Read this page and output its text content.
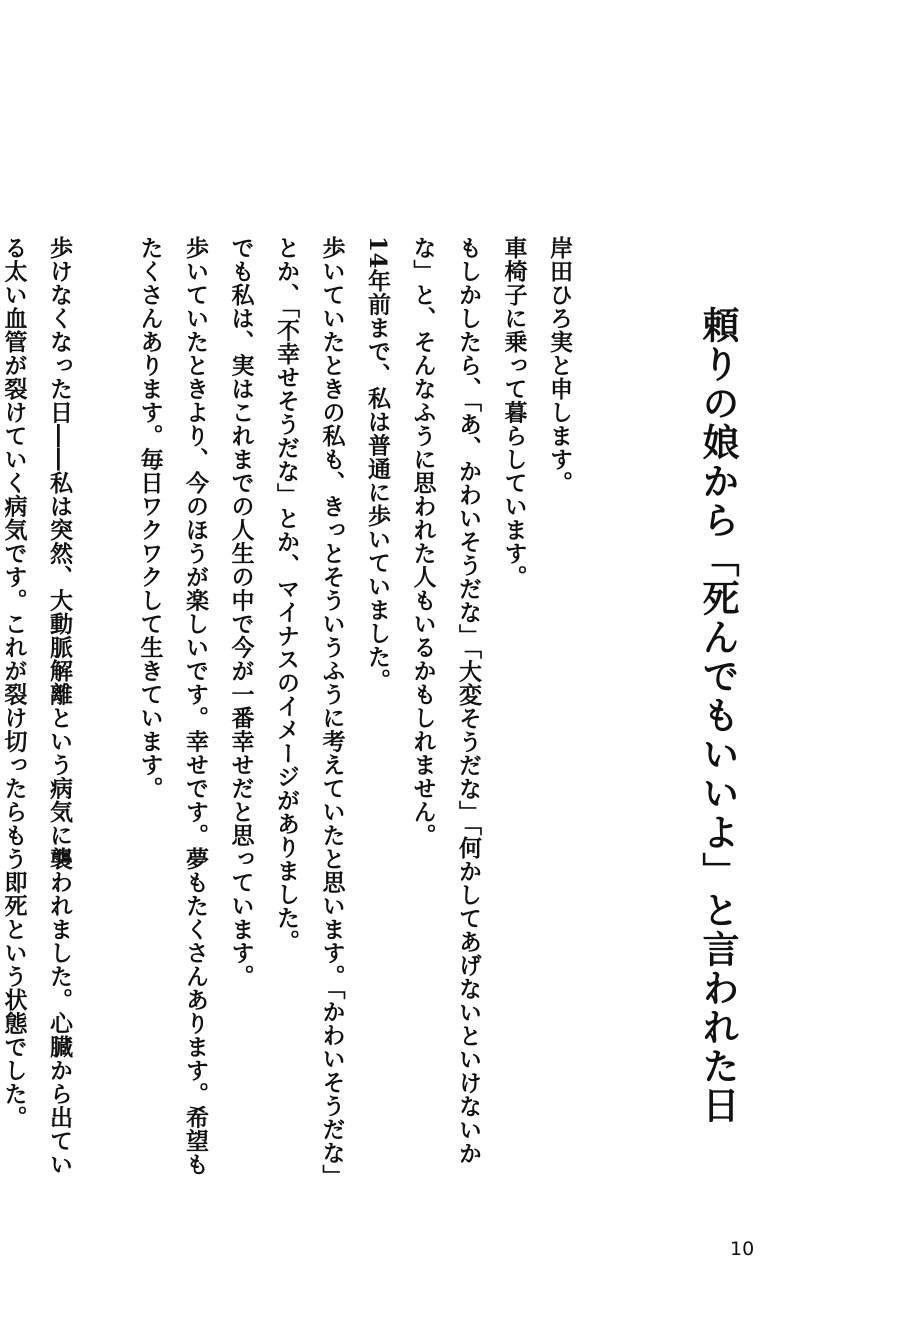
頼りの娘から「死んでもいいよ」と言われた日

岸田ひろ実と申します。

車椅子に乗って暮らしています。

もしかしたら、「あ、かわいそうだな」「大変そうだな」「何かしてあげないといけないかな」と、そんなふうに思われた人もいるかもしれません。

14年前まで、私は普通に歩いていました。

歩いていたときの私も、きっとそういうふうに考えていたと思います。「かわいそうだな」とか、「不幸せそうだな」とか、マイナスのイメージがありました。

でも私は、実はこれまでの人生の中で今が一番幸せだと思っています。

歩いていたときより、今のほうが楽しいです。幸せです。夢もたくさんあります。希望もたくさんあります。毎日ワクワクして生きています。

歩けなくなった日――私は突然、大動脈解離という病気に襲われました。心臓から出ている太い血管が裂けていく病気です。これが裂け切ったらもう即死という状態でした。

10
